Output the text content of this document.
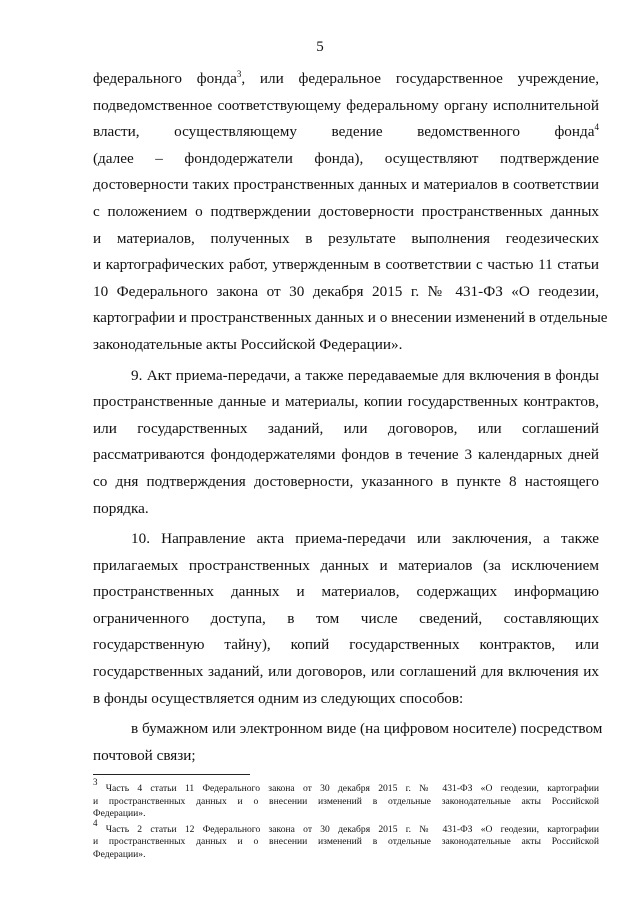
5
федерального фонда$^3$, или федеральное государственное учреждение,
подведомственное соответствующему федеральному органу исполнительной
власти, осуществляющему ведение ведомственного фонда$^4$
(далее – фондодержатели фонда), осуществляют подтверждение
достоверности таких пространственных данных и материалов в соответствии
с положением о подтверждении достоверности пространственных данных
и материалов, полученных в результате выполнения геодезических
и картографических работ, утвержденным в соответствии с частью 11 статьи
10 Федерального закона от 30 декабря 2015 г. № 431-ФЗ «О геодезии,
картографии и пространственных данных и о внесении изменений в отдельные
законодательные акты Российской Федерации».
9. Акт приема-передачи, а также передаваемые для включения в фонды
пространственные данные и материалы, копии государственных контрактов,
или государственных заданий, или договоров, или соглашений
рассматриваются фондодержателями фондов в течение 3 календарных дней
со дня подтверждения достоверности, указанного в пункте 8 настоящего
порядка.
10. Направление акта приема-передачи или заключения, а также
прилагаемых пространственных данных и материалов (за исключением
пространственных данных и материалов, содержащих информацию
ограниченного доступа, в том числе сведений, составляющих
государственную тайну), копий государственных контрактов, или
государственных заданий, или договоров, или соглашений для включения их
в фонды осуществляется одним из следующих способов:
в бумажном или электронном виде (на цифровом носителе) посредством
почтовой связи;
$^3$ Часть 4 статьи 11 Федерального закона от 30 декабря 2015 г. № 431-ФЗ «О геодезии, картографии
и пространственных данных и о внесении изменений в отдельные законодательные акты Российской
Федерации».
$^4$ Часть 2 статьи 12 Федерального закона от 30 декабря 2015 г. № 431-ФЗ «О геодезии, картографии
и пространственных данных и о внесении изменений в отдельные законодательные акты Российской
Федерации».
